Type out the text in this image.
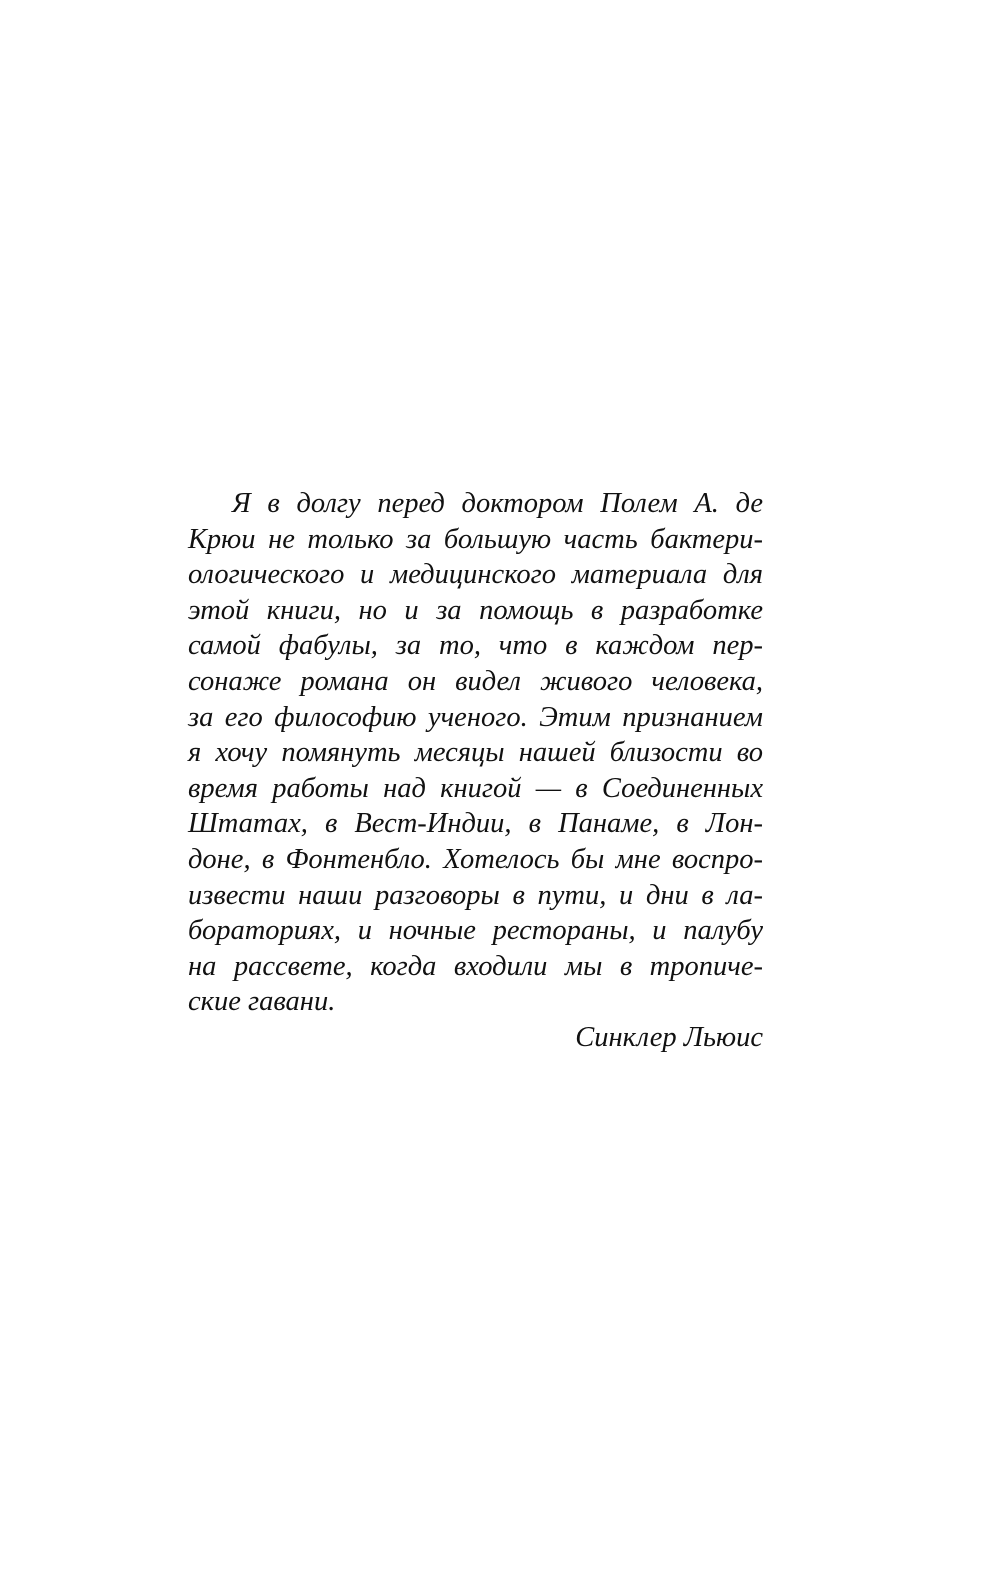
Я в долгу перед доктором Полем А. де
Крюи не только за большую часть бактери-
ологического и медицинского материала для
этой книги, но и за помощь в разработке
самой фабулы, за то, что в каждом пер-
сонаже романа он видел живого человека,
за его философию ученого. Этим признанием
я хочу помянуть месяцы нашей близости во
время работы над книгой — в Соединенных
Штатах, в Вест-Индии, в Панаме, в Лон-
доне, в Фонтенбло. Хотелось бы мне воспро-
извести наши разговоры в пути, и дни в ла-
бораториях, и ночные рестораны, и палубу
на рассвете, когда входили мы в тропиче-
ские гавани.
Синклер Льюис
